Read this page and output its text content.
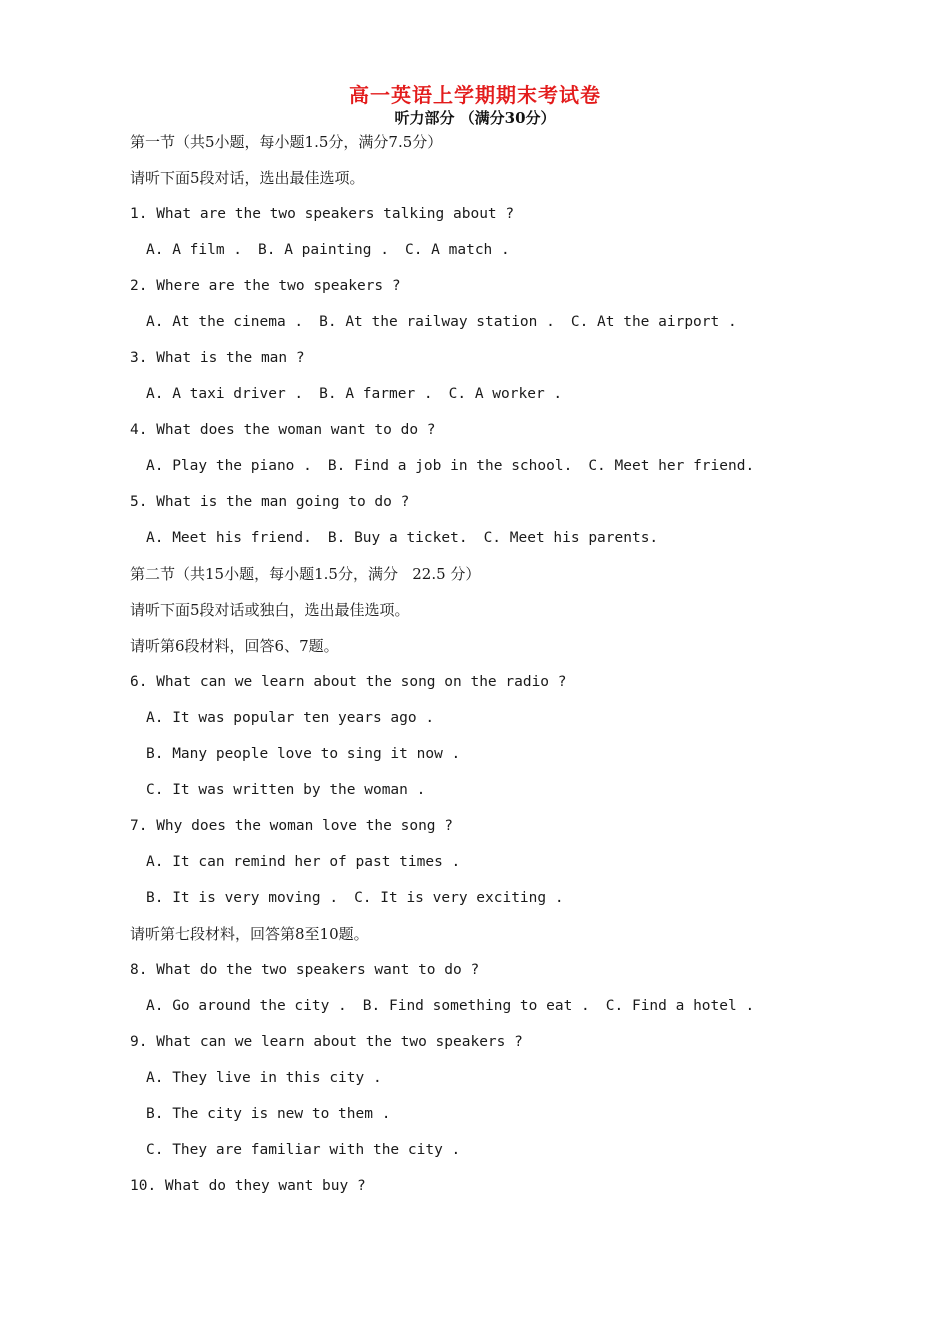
高一英语上学期期末考试卷
听力部分 （满分30分）
第一节（共5小题，每小题1.5分，满分7.5分）
请听下面5段对话，选出最佳选项。
1. What are the two speakers talking about ?
A. A film . B. A painting . C. A match .
2. Where are the two speakers ?
A. At the cinema . B. At the railway station . C. At the airport .
3. What is the man ?
A. A taxi driver . B. A farmer . C. A worker .
4. What does the woman want to do ?
A. Play the piano . B. Find a job in the school. C. Meet her friend.
5. What is the man going to do ?
A. Meet his friend. B. Buy a ticket. C. Meet his parents.
第二节（共15小题，每小题1.5分，满分   22.5 分）
请听下面5段对话或独白，选出最佳选项。
请听第6段材料，回答6、7题。
6. What can we learn about the song on the radio ?
A. It was popular ten years ago .
B. Many people love to sing it now .
C. It was written by the woman .
7. Why does the woman love the song ?
A. It can remind her of past times .
B. It is very moving . C. It is very exciting .
请听第七段材料，回答第8至10题。
8. What do the two speakers want to do ?
A. Go around the city . B. Find something to eat . C. Find a hotel .
9. What can we learn about the two speakers ?
A. They live in this city .
B. The city is new to them .
C. They are familiar with the city .
10. What do they want buy ?
